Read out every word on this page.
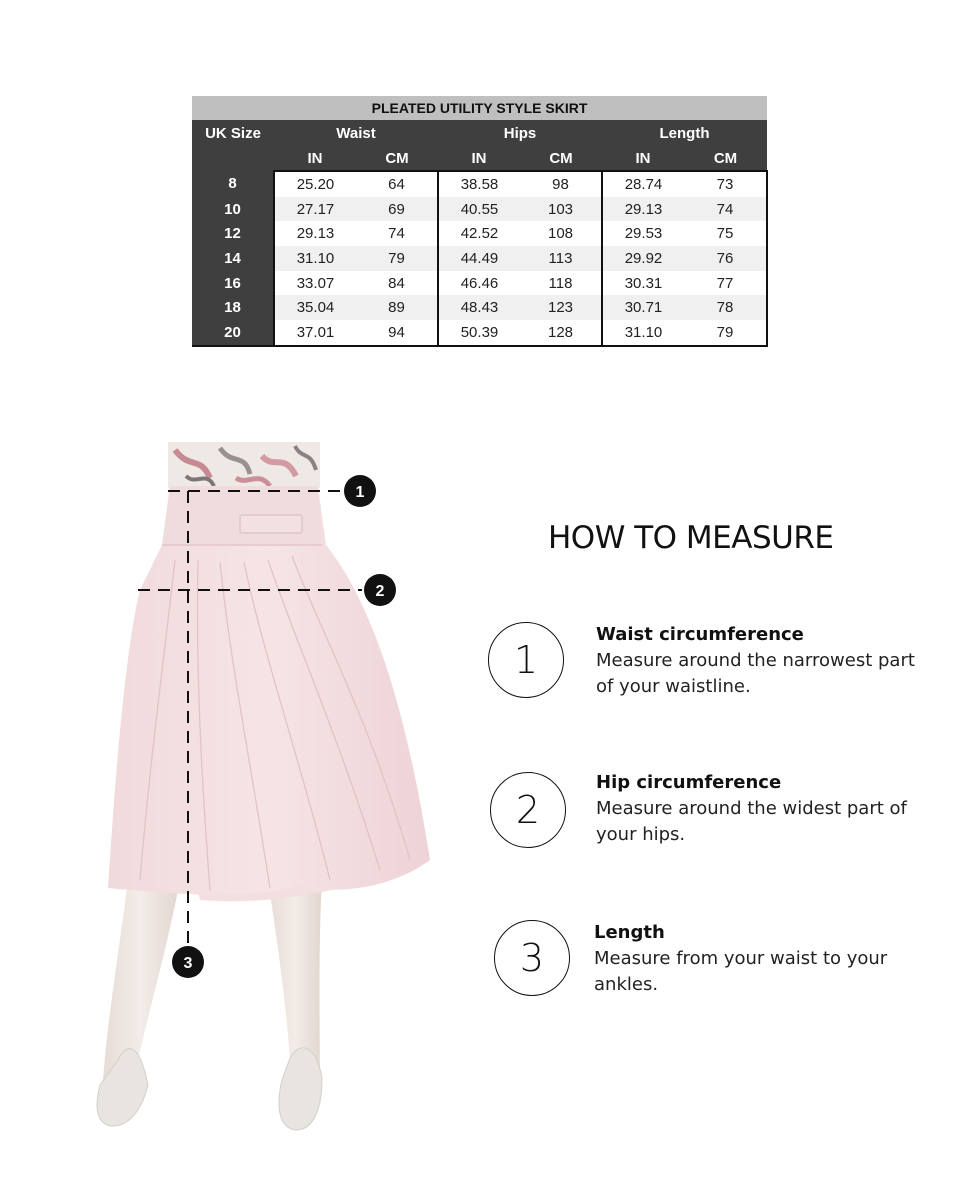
PLEATED UTILITY STYLE SKIRT						
UK Size	Waist		Hips		Length	
	IN	CM	IN	CM	IN	CM
8	25.20	64	38.58	98	28.74	73
10	27.17	69	40.55	103	29.13	74
12	29.13	74	42.52	108	29.53	75
14	31.10	79	44.49	113	29.92	76
16	33.07	84	46.46	118	30.31	77
18	35.04	89	48.43	123	30.71	78
20	37.01	94	50.39	128	31.10	79
1
2
3
HOW TO MEASURE
1
Waist circumference
Measure around the narrowest part of your waistline.
2
Hip circumference
Measure around the widest part of your hips.
3
Length
Measure from your waist to your ankles.
